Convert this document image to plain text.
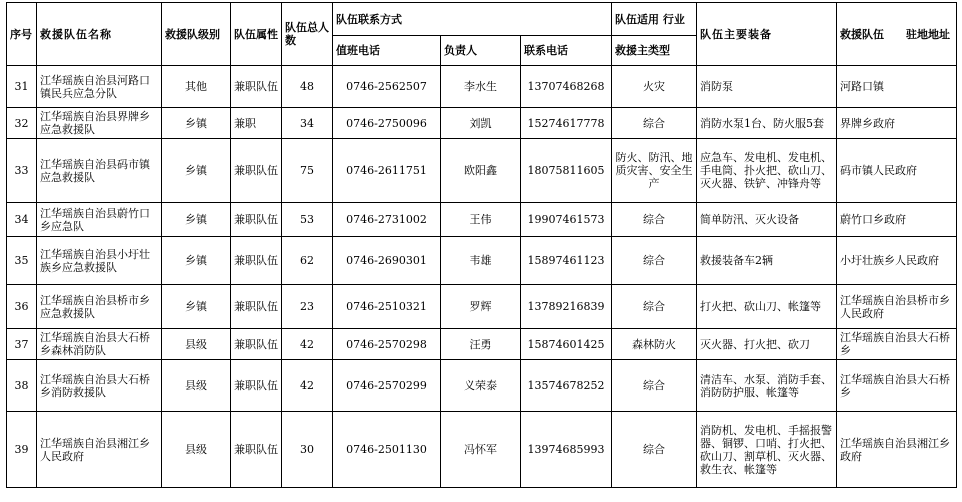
序号	救援队伍名称	救援队级别	队伍属性	队伍总人数	队伍联系方式			队伍适用 行业	队伍主要装备	救援队伍　　驻地地址
					值班电话	负责人	联系电话	救援主类型		
31	江华瑶族自治县河路口镇民兵应急分队	其他	兼职队伍	48	0746-2562507	李水生	13707468268	火灾	消防泵	河路口镇
32	江华瑶族自治县界牌乡应急救援队	乡镇	兼职	34	0746-2750096	刘凯	15274617778	综合	消防水泵1台、防火服5套	界牌乡政府
33	江华瑶族自治县码市镇应急救援队	乡镇	兼职队伍	75	0746-2611751	欧阳鑫	18075811605	防火、防汛、地质灾害、安全生产	应急车、发电机、发电机、手电筒、扑火把、砍山刀、灭火器、铁铲、冲锋舟等	码市镇人民政府
34	江华瑶族自治县蔚竹口乡应急队	乡镇	兼职队伍	53	0746-2731002	王伟	19907461573	综合	简单防汛、灭火设备	蔚竹口乡政府
35	江华瑶族自治县小圩壮族乡应急救援队	乡镇	兼职队伍	62	0746-2690301	韦雄	15897461123	综合	救援装备车2辆	小圩壮族乡人民政府
36	江华瑶族自治县桥市乡应急救援队	乡镇	兼职队伍	23	0746-2510321	罗辉	13789216839	综合	打火把、砍山刀、帐篷等	江华瑶族自治县桥市乡人民政府
37	江华瑶族自治县大石桥乡森林消防队	县级	兼职队伍	42	0746-2570298	汪勇	15874601425	森林防火	灭火器、打火把、砍刀	江华瑶族自治县大石桥乡
38	江华瑶族自治县大石桥乡消防救援队	县级	兼职队伍	42	0746-2570299	义荣泰	13574678252	综合	清洁车、水泵、消防手套、消防防护服、帐篷等	江华瑶族自治县大石桥乡
39	江华瑶族自治县湘江乡人民政府	县级	兼职队伍	30	0746-2501130	冯怀军	13974685993	综合	消防机、发电机、手摇报警器、铜锣、口哨、打火把、砍山刀、割草机、灭火器、救生衣、帐篷等	江华瑶族自治县湘江乡政府
